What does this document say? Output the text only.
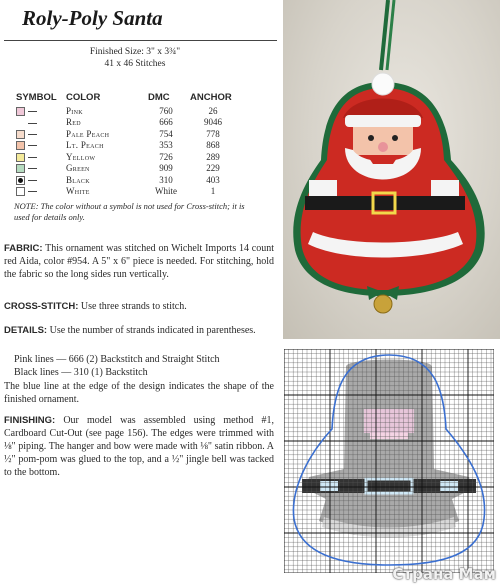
Roly-Poly Santa
Finished Size: 3" x 3¾"
41 x 46 Stitches
SYMBOL	COLOR	DMC	ANCHOR
	Pink	760	26
	Red	666	9046
	Pale Peach	754	778
	Lt. Peach	353	868
	Yellow	726	289
	Green	909	229

	Black	310	403
	White	White	1
NOTE: The color without a symbol is not used for Cross-stitch; it is used for details only.
FABRIC: This ornament was stitched on Wichelt Imports 14 count red Aida, color #954. A 5" x 6" piece is needed. For stitching, hold the fabric so the long sides run vertically.
CROSS-STITCH: Use three strands to stitch.
DETAILS: Use the number of strands indicated in parentheses.
Pink lines — 666 (2) Backstitch and Straight Stitch
Black lines — 310 (1) Backstitch
The blue line at the edge of the design indicates the shape of the finished ornament.
FINISHING: Our model was assembled using method #1, Cardboard Cut-Out (see page 156). The edges were trimmed with ⅛" piping. The hanger and bow were made with ⅛" satin ribbon. A ½" pom-pom was glued to the top, and a ½" jingle bell was tacked to the bottom.
Страна Мам
